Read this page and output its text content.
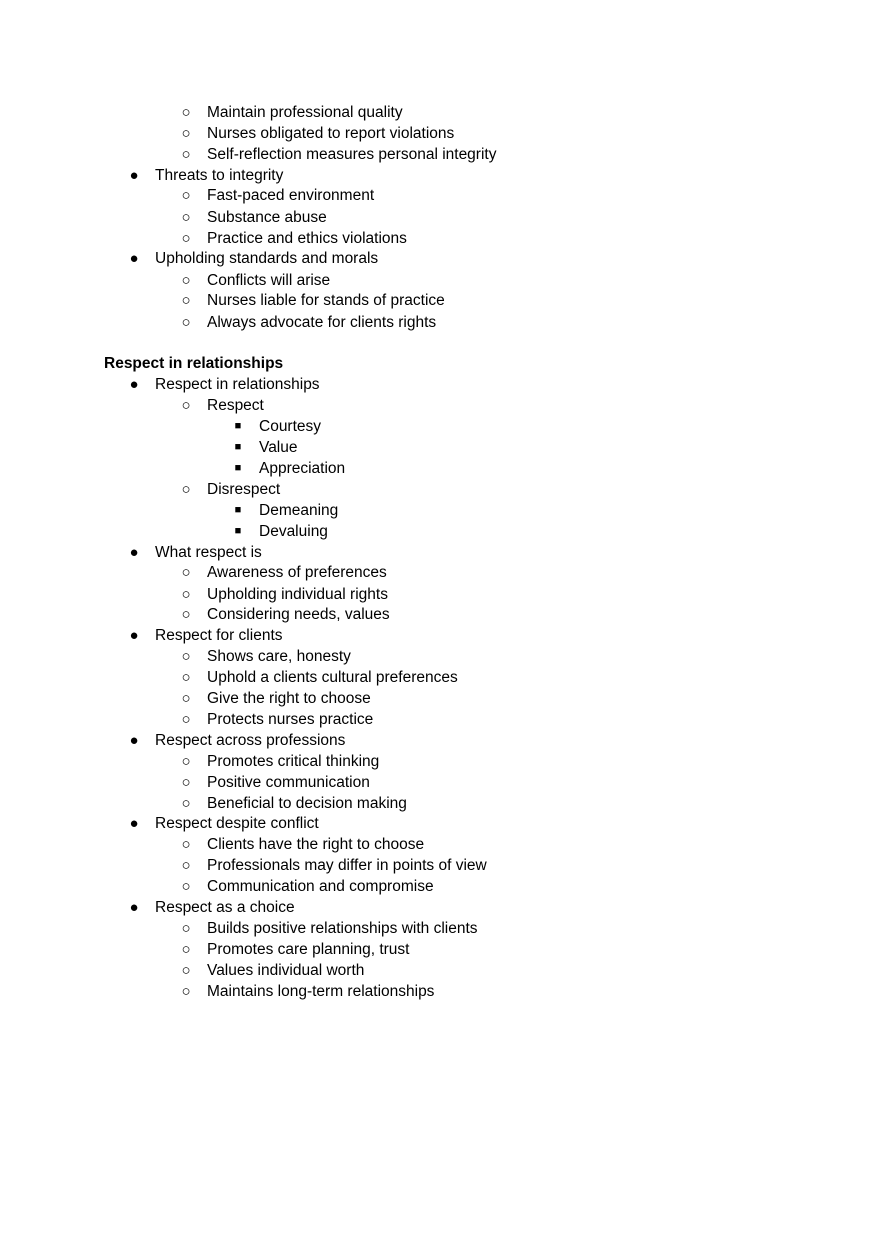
○ Maintain professional quality
○ Nurses obligated to report violations
○ Self-reflection measures personal integrity
● Threats to integrity
○ Fast-paced environment
○ Substance abuse
○ Practice and ethics violations
● Upholding standards and morals
○ Conflicts will arise
○ Nurses liable for stands of practice
○ Always advocate for clients rights
Respect in relationships
● Respect in relationships
○ Respect
■ Courtesy
■ Value
■ Appreciation
○ Disrespect
■ Demeaning
■ Devaluing
● What respect is
○ Awareness of preferences
○ Upholding individual rights
○ Considering needs, values
● Respect for clients
○ Shows care, honesty
○ Uphold a clients cultural preferences
○ Give the right to choose
○ Protects nurses practice
● Respect across professions
○ Promotes critical thinking
○ Positive communication
○ Beneficial to decision making
● Respect despite conflict
○ Clients have the right to choose
○ Professionals may differ in points of view
○ Communication and compromise
● Respect as a choice
○ Builds positive relationships with clients
○ Promotes care planning, trust
○ Values individual worth
○ Maintains long-term relationships
